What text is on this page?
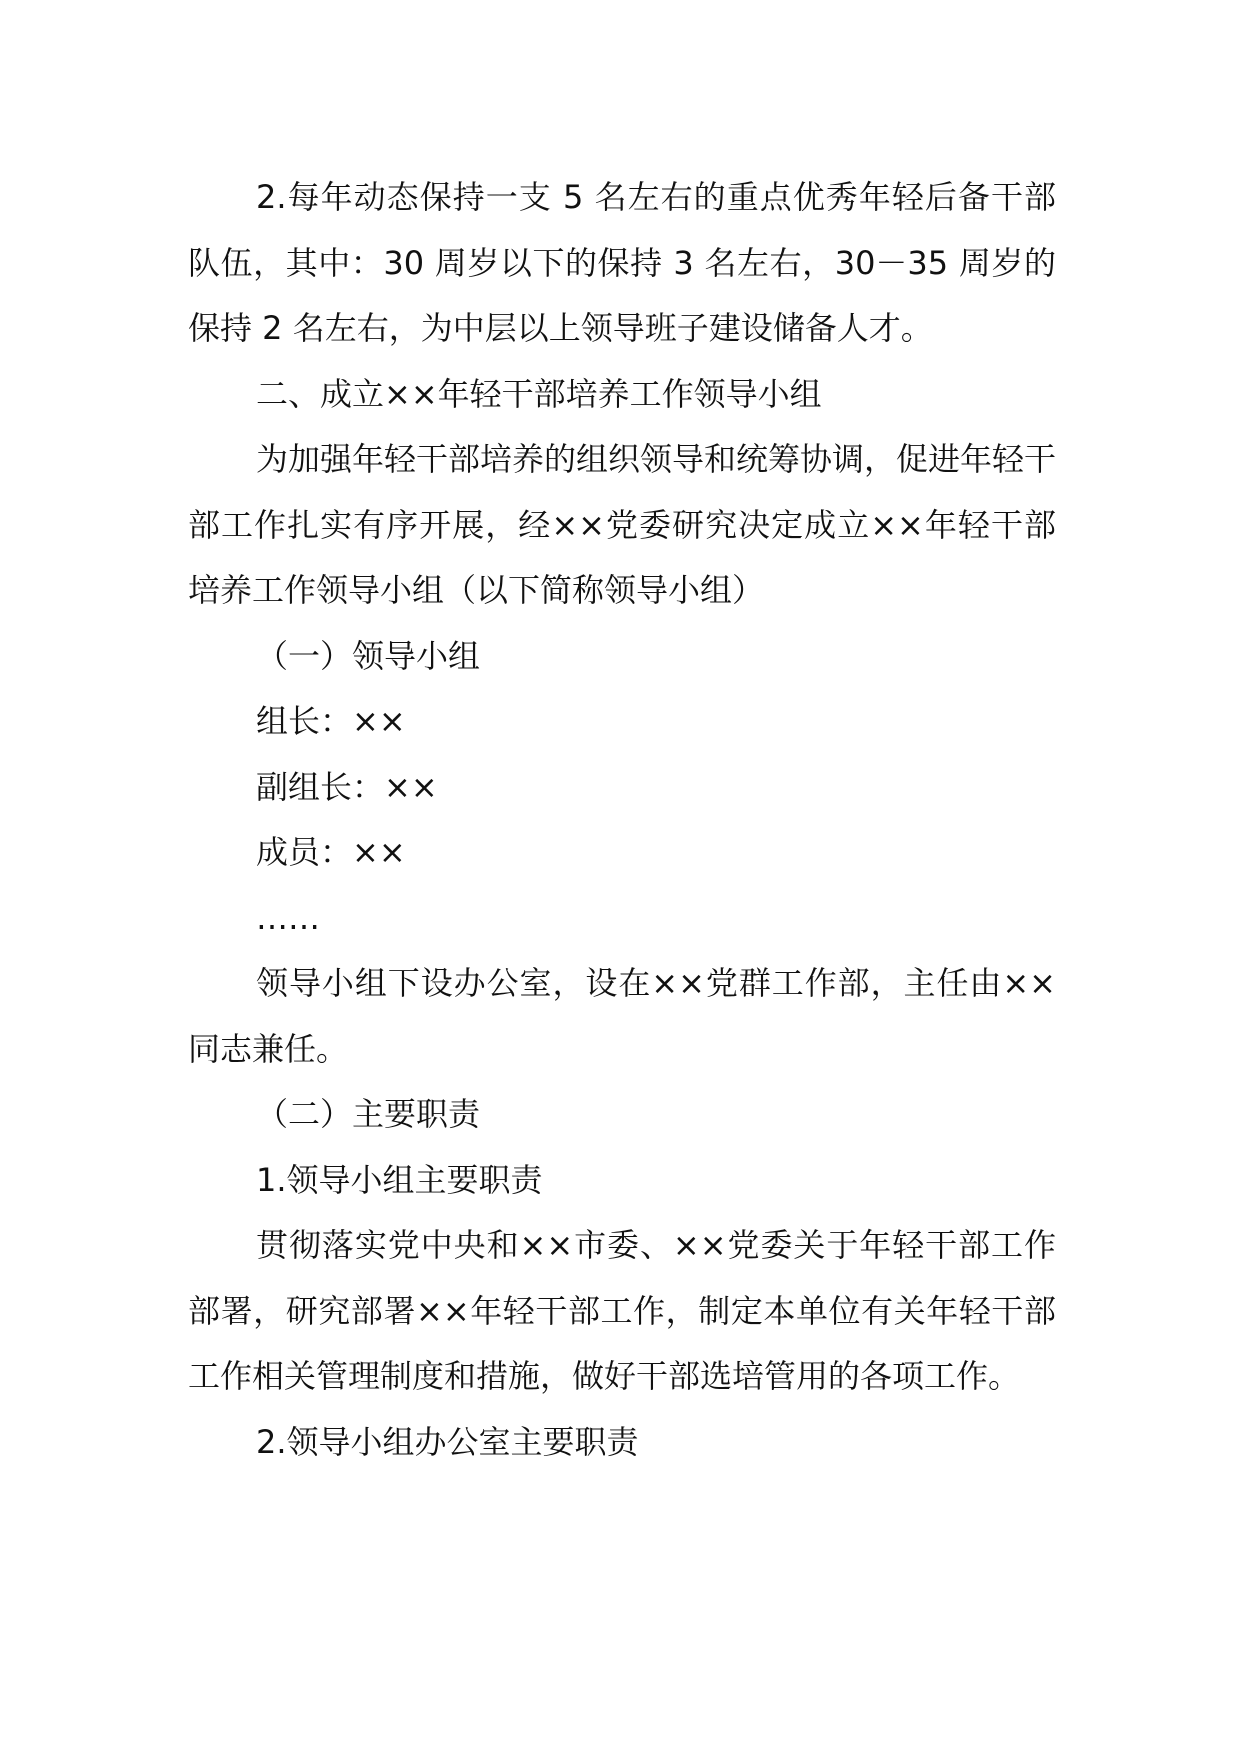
2.每年动态保持一支 5 名左右的重点优秀年轻后备干部队伍，其中：30 周岁以下的保持 3 名左右，30－35 周岁的保持 2 名左右，为中层以上领导班子建设储备人才。

二、成立××年轻干部培养工作领导小组

为加强年轻干部培养的组织领导和统筹协调，促进年轻干部工作扎实有序开展，经××党委研究决定成立××年轻干部培养工作领导小组（以下简称领导小组）

（一）领导小组

组长：××

副组长：××

成员：××

……

领导小组下设办公室，设在××党群工作部，主任由××同志兼任。

（二）主要职责

1.领导小组主要职责

贯彻落实党中央和××市委、××党委关于年轻干部工作部署，研究部署××年轻干部工作，制定本单位有关年轻干部工作相关管理制度和措施，做好干部选培管用的各项工作。

2.领导小组办公室主要职责
